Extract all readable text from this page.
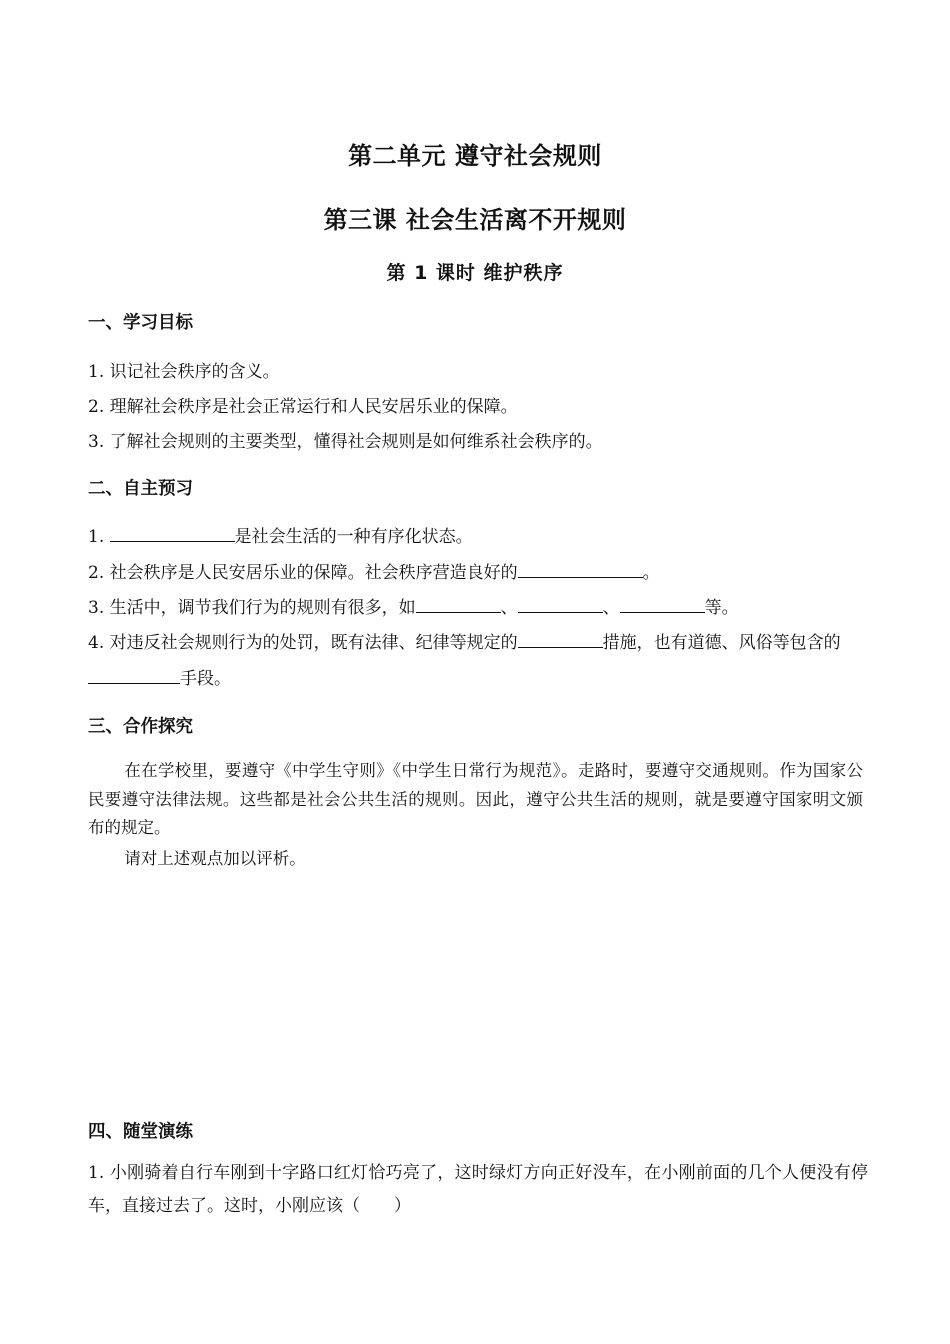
第二单元 遵守社会规则
第三课 社会生活离不开规则
第 1 课时 维护秩序
一、学习目标

1. 识记社会秩序的含义。

2. 理解社会秩序是社会正常运行和人民安居乐业的保障。

3. 了解社会规则的主要类型，懂得社会规则是如何维系社会秩序的。

二、自主预习

1.	是社会生活的一种有序化状态。

2. 社会秩序是人民安居乐业的保障。社会秩序营造良好的	。

3. 生活中，调节我们行为的规则有很多，如	、	、	等。

4. 对违反社会规则行为的处罚，既有法律、纪律等规定的	措施，也有道德、风俗等包含的

手段。

三、合作探究

在在学校里，要遵守《中学生守则》《中学生日常行为规范》。走路时，要遵守交通规则。作为国家公民要遵守法律法规。这些都是社会公共生活的规则。因此，遵守公共生活的规则，就是要遵守国家明文颁布的规定。

请对上述观点加以评析。

四、随堂演练

1. 小刚骑着自行车刚到十字路口红灯恰巧亮了，这时绿灯方向正好没车，在小刚前面的几个人便没有停车，直接过去了。这时，小刚应该（　　）
